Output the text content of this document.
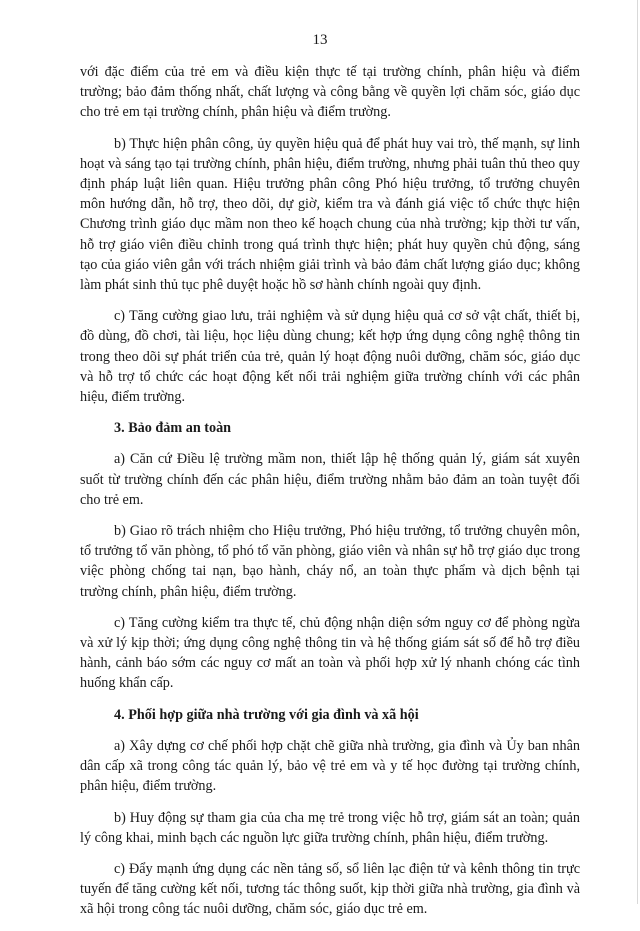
13

với đặc điểm của trẻ em và điều kiện thực tế tại trường chính, phân hiệu và điểm trường; bảo đảm thống nhất, chất lượng và công bằng về quyền lợi chăm sóc, giáo dục cho trẻ em tại trường chính, phân hiệu và điểm trường.

b) Thực hiện phân công, ủy quyền hiệu quả để phát huy vai trò, thế mạnh, sự linh hoạt và sáng tạo tại trường chính, phân hiệu, điểm trường, nhưng phải tuân thủ theo quy định pháp luật liên quan. Hiệu trưởng phân công Phó hiệu trưởng, tổ trưởng chuyên môn hướng dẫn, hỗ trợ, theo dõi, dự giờ, kiểm tra và đánh giá việc tổ chức thực hiện Chương trình giáo dục mầm non theo kế hoạch chung của nhà trường; kịp thời tư vấn, hỗ trợ giáo viên điều chỉnh trong quá trình thực hiện; phát huy quyền chủ động, sáng tạo của giáo viên gắn với trách nhiệm giải trình và bảo đảm chất lượng giáo dục; không làm phát sinh thủ tục phê duyệt hoặc hồ sơ hành chính ngoài quy định.

c) Tăng cường giao lưu, trải nghiệm và sử dụng hiệu quả cơ sở vật chất, thiết bị, đồ dùng, đồ chơi, tài liệu, học liệu dùng chung; kết hợp ứng dụng công nghệ thông tin trong theo dõi sự phát triển của trẻ, quản lý hoạt động nuôi dưỡng, chăm sóc, giáo dục và hỗ trợ tổ chức các hoạt động kết nối trải nghiệm giữa trường chính với các phân hiệu, điểm trường.

3. Bảo đảm an toàn

a) Căn cứ Điều lệ trường mầm non, thiết lập hệ thống quản lý, giám sát xuyên suốt từ trường chính đến các phân hiệu, điểm trường nhằm bảo đảm an toàn tuyệt đối cho trẻ em.

b) Giao rõ trách nhiệm cho Hiệu trưởng, Phó hiệu trưởng, tổ trưởng chuyên môn, tổ trưởng tổ văn phòng, tổ phó tổ văn phòng, giáo viên và nhân sự hỗ trợ giáo dục trong việc phòng chống tai nạn, bạo hành, cháy nổ, an toàn thực phẩm và dịch bệnh tại trường chính, phân hiệu, điểm trường.

c) Tăng cường kiểm tra thực tế, chủ động nhận diện sớm nguy cơ để phòng ngừa và xử lý kịp thời; ứng dụng công nghệ thông tin và hệ thống giám sát số để hỗ trợ điều hành, cảnh báo sớm các nguy cơ mất an toàn và phối hợp xử lý nhanh chóng các tình huống khẩn cấp.

4. Phối hợp giữa nhà trường với gia đình và xã hội

a) Xây dựng cơ chế phối hợp chặt chẽ giữa nhà trường, gia đình và Ủy ban nhân dân cấp xã trong công tác quản lý, bảo vệ trẻ em và y tế học đường tại trường chính, phân hiệu, điểm trường.

b) Huy động sự tham gia của cha mẹ trẻ trong việc hỗ trợ, giám sát an toàn; quản lý công khai, minh bạch các nguồn lực giữa trường chính, phân hiệu, điểm trường.

c) Đẩy mạnh ứng dụng các nền tảng số, sổ liên lạc điện tử và kênh thông tin trực tuyến để tăng cường kết nối, tương tác thông suốt, kịp thời giữa nhà trường, gia đình và xã hội trong công tác nuôi dưỡng, chăm sóc, giáo dục trẻ em.
